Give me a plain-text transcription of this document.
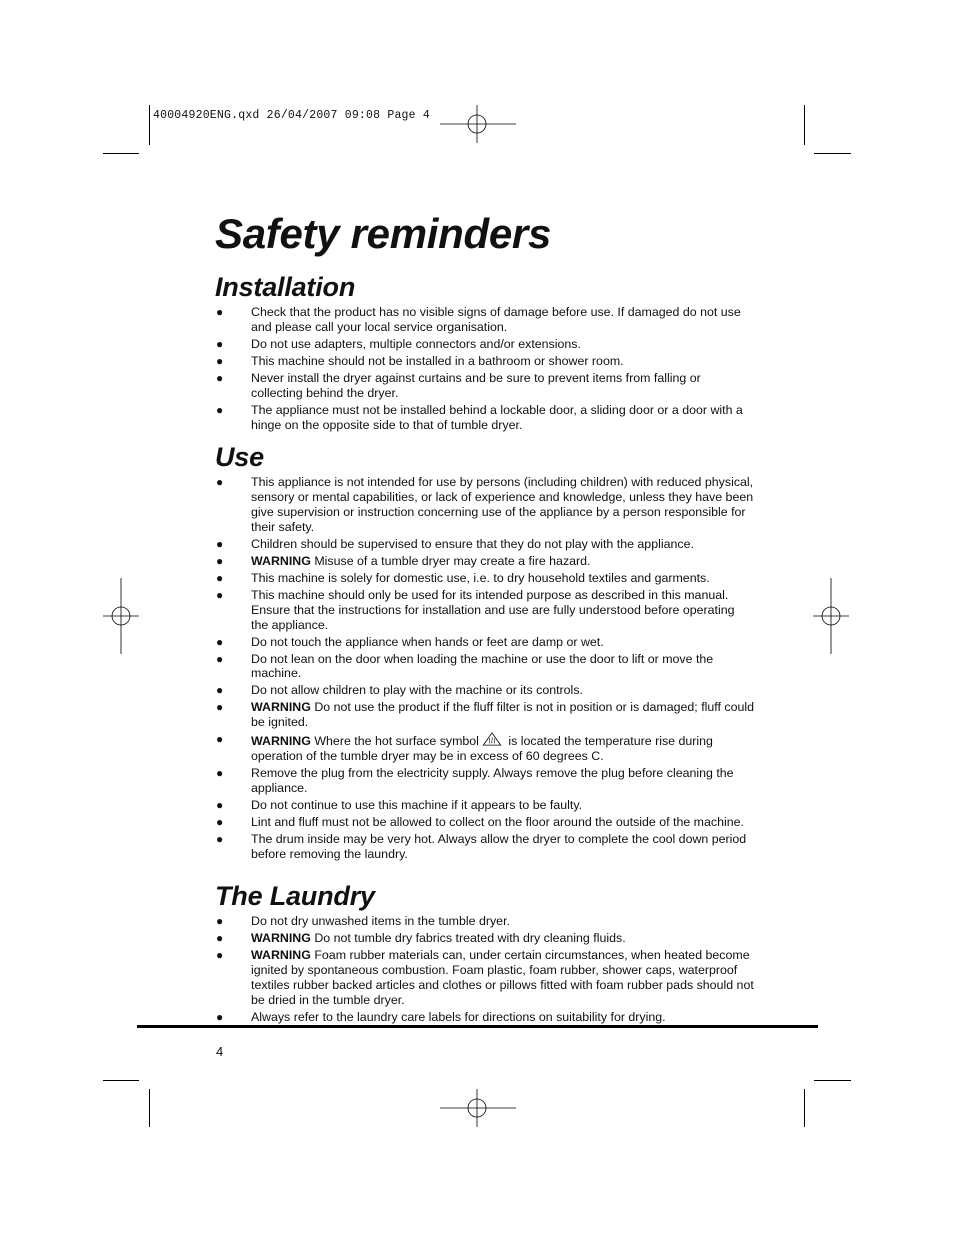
40004920ENG.qxd 26/04/2007 09:08 Page 4
Safety reminders
Installation
● Check that the product has no visible signs of damage before use. If damaged do not use and please call your local service organisation.
● Do not use adapters, multiple connectors and/or extensions.
● This machine should not be installed in a bathroom or shower room.
● Never install the dryer against curtains and be sure to prevent items from falling or collecting behind the dryer.
● The appliance must not be installed behind a lockable door, a sliding door or a door with a hinge on the opposite side to that of tumble dryer.
Use
● This appliance is not intended for use by persons (including children) with reduced physical, sensory or mental capabilities, or lack of experience and knowledge, unless they have been give supervision or instruction concerning use of the appliance by a person responsible for their safety.
● Children should be supervised to ensure that they do not play with the appliance.
● WARNING Misuse of a tumble dryer may create a fire hazard.
● This machine is solely for domestic use, i.e. to dry household textiles and garments.
● This machine should only be used for its intended purpose as described in this manual. Ensure that the instructions for installation and use are fully understood before operating the appliance.
● Do not touch the appliance when hands or feet are damp or wet.
● Do not lean on the door when loading the machine or use the door to lift or move the machine.
● Do not allow children to play with the machine or its controls.
● WARNING Do not use the product if the fluff filter is not in position or is damaged; fluff could be ignited.
● WARNING Where the hot surface symbol is located the temperature rise during operation of the tumble dryer may be in excess of 60 degrees C.
● Remove the plug from the electricity supply. Always remove the plug before cleaning the appliance.
● Do not continue to use this machine if it appears to be faulty.
● Lint and fluff must not be allowed to collect on the floor around the outside of the machine.
● The drum inside may be very hot. Always allow the dryer to complete the cool down period before removing the laundry.
The Laundry
● Do not dry unwashed items in the tumble dryer.
● WARNING Do not tumble dry fabrics treated with dry cleaning fluids.
● WARNING Foam rubber materials can, under certain circumstances, when heated become ignited by spontaneous combustion. Foam plastic, foam rubber, shower caps, waterproof textiles rubber backed articles and clothes or pillows fitted with foam rubber pads should not be dried in the tumble dryer.
● Always refer to the laundry care labels for directions on suitability for drying.
4
